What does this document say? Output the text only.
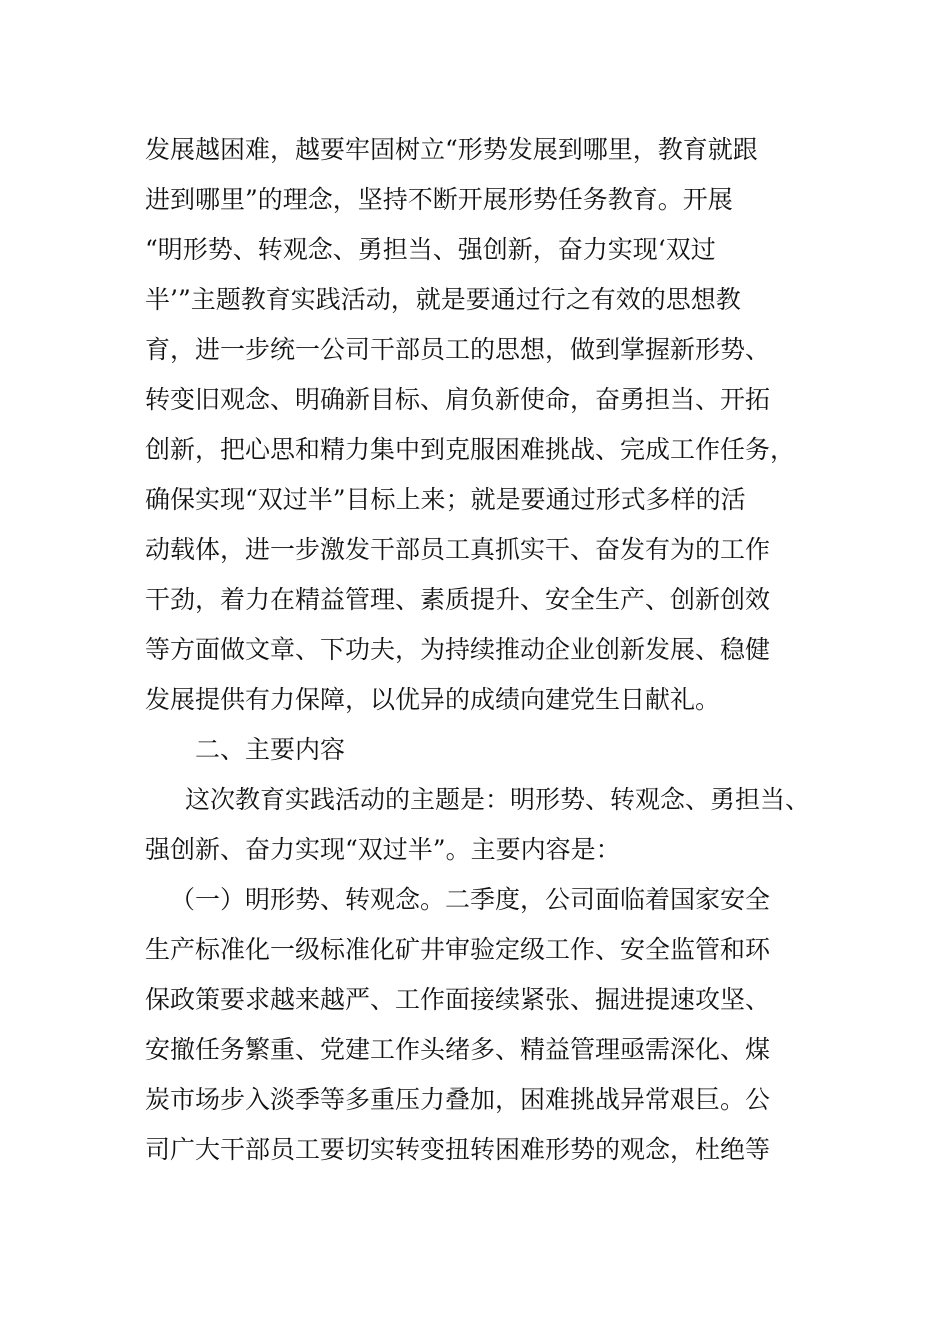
发展越困难，越要牢固树立“形势发展到哪里，教育就跟
进到哪里”的理念，坚持不断开展形势任务教育。开展
“明形势、转观念、勇担当、强创新，奋力实现‘双过
半’”主题教育实践活动，就是要通过行之有效的思想教
育，进一步统一公司干部员工的思想，做到掌握新形势、
转变旧观念、明确新目标、肩负新使命，奋勇担当、开拓
创新，把心思和精力集中到克服困难挑战、完成工作任务，
确保实现“双过半”目标上来；就是要通过形式多样的活
动载体，进一步激发干部员工真抓实干、奋发有为的工作
干劲，着力在精益管理、素质提升、安全生产、创新创效
等方面做文章、下功夫，为持续推动企业创新发展、稳健
发展提供有力保障，以优异的成绩向建党生日献礼。
二、主要内容
这次教育实践活动的主题是：明形势、转观念、勇担当、
强创新、奋力实现“双过半”。主要内容是：
（一）明形势、转观念。二季度，公司面临着国家安全
生产标准化一级标准化矿井审验定级工作、安全监管和环
保政策要求越来越严、工作面接续紧张、掘进提速攻坚、
安撤任务繁重、党建工作头绪多、精益管理亟需深化、煤
炭市场步入淡季等多重压力叠加，困难挑战异常艰巨。公
司广大干部员工要切实转变扭转困难形势的观念，杜绝等
